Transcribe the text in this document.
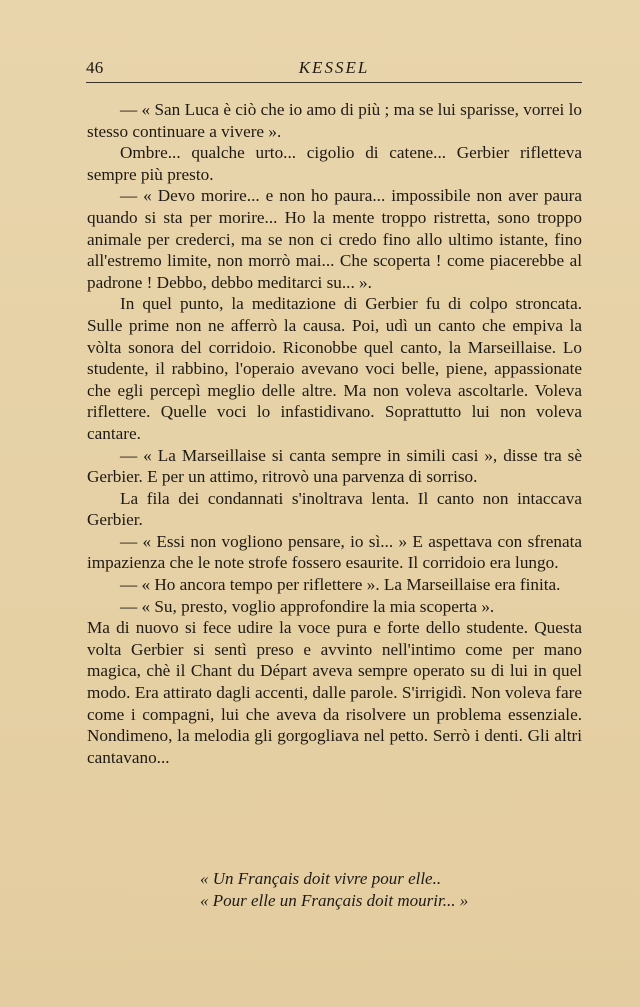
46	KESSEL

— « San Luca è ciò che io amo di più ; ma se lui sparisse, vorrei lo stesso continuare a vivere ».

Ombre... qualche urto... cigolio di catene... Gerbier rifletteva sempre più presto.

— « Devo morire... e non ho paura... impossibile non aver paura quando si sta per morire... Ho la mente troppo ristretta, sono troppo animale per crederci, ma se non ci credo fino allo ultimo istante, fino all'estremo limite, non morrò mai... Che scoperta ! come piacerebbe al padrone ! Debbo, debbo meditarci su... ».

In quel punto, la meditazione di Gerbier fu di colpo stroncata. Sulle prime non ne afferrò la causa. Poi, udì un canto che empiva la vòlta sonora del corridoio. Riconobbe quel canto, la Marseillaise. Lo studente, il rabbino, l'operaio avevano voci belle, piene, appassionate che egli percepì meglio delle altre. Ma non voleva ascoltarle. Voleva riflettere. Quelle voci lo infastidivano. Soprattutto lui non voleva cantare.

— « La Marseillaise si canta sempre in simili casi », disse tra sè Gerbier. E per un attimo, ritrovò una parvenza di sorriso.

La fila dei condannati s'inoltrava lenta. Il canto non intaccava Gerbier.

— « Essi non vogliono pensare, io sì... » E aspettava con sfrenata impazienza che le note strofe fossero esaurite. Il corridoio era lungo.

— « Ho ancora tempo per riflettere ». La Marseillaise era finita.

— « Su, presto, voglio approfondire la mia scoperta ».

Ma di nuovo si fece udire la voce pura e forte dello studente. Questa volta Gerbier si sentì preso e avvinto nell'intimo come per mano magica, chè il Chant du Départ aveva sempre operato su di lui in quel modo. Era attirato dagli accenti, dalle parole. S'irrigidì. Non voleva fare come i compagni, lui che aveva da risolvere un problema essenziale. Nondimeno, la melodia gli gorgogliava nel petto. Serrò i denti. Gli altri cantavano...

« Un Français doit vivre pour elle..
« Pour elle un Français doit mourir... »
